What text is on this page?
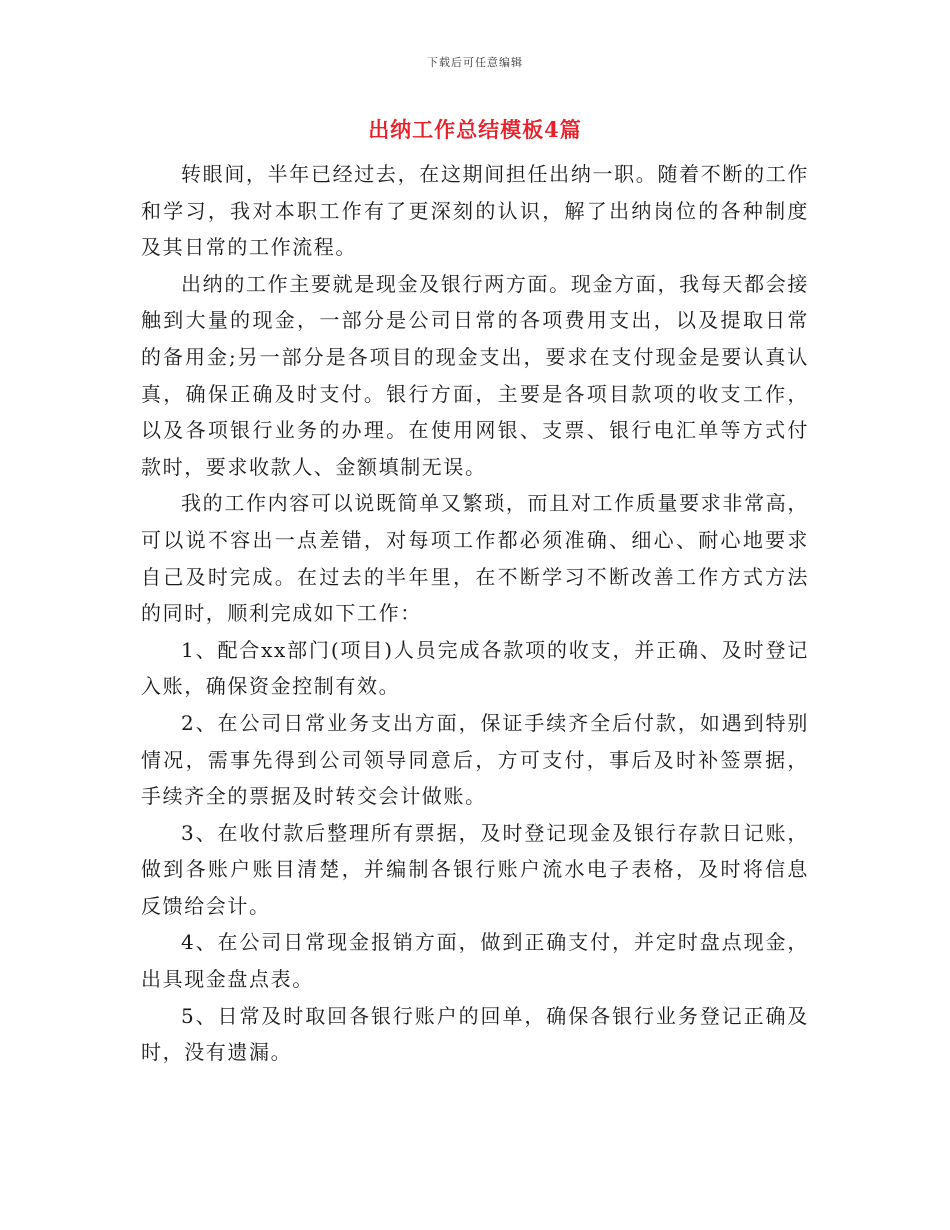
下载后可任意编辑
出纳工作总结模板4篇

转眼间，半年已经过去，在这期间担任出纳一职。随着不断的工作和学习，我对本职工作有了更深刻的认识，解了出纳岗位的各种制度及其日常的工作流程。

出纳的工作主要就是现金及银行两方面。现金方面，我每天都会接触到大量的现金，一部分是公司日常的各项费用支出，以及提取日常的备用金;另一部分是各项目的现金支出，要求在支付现金是要认真认真，确保正确及时支付。银行方面，主要是各项目款项的收支工作，以及各项银行业务的办理。在使用网银、支票、银行电汇单等方式付款时，要求收款人、金额填制无误。

我的工作内容可以说既简单又繁琐，而且对工作质量要求非常高，可以说不容出一点差错，对每项工作都必须准确、细心、耐心地要求自己及时完成。在过去的半年里，在不断学习不断改善工作方式方法的同时，顺利完成如下工作：

1、配合xx部门(项目)人员完成各款项的收支，并正确、及时登记入账，确保资金控制有效。

2、在公司日常业务支出方面，保证手续齐全后付款，如遇到特别情况，需事先得到公司领导同意后，方可支付，事后及时补签票据，手续齐全的票据及时转交会计做账。

3、在收付款后整理所有票据，及时登记现金及银行存款日记账，做到各账户账目清楚，并编制各银行账户流水电子表格，及时将信息反馈给会计。

4、在公司日常现金报销方面，做到正确支付，并定时盘点现金，出具现金盘点表。

5、日常及时取回各银行账户的回单，确保各银行业务登记正确及时，没有遗漏。
